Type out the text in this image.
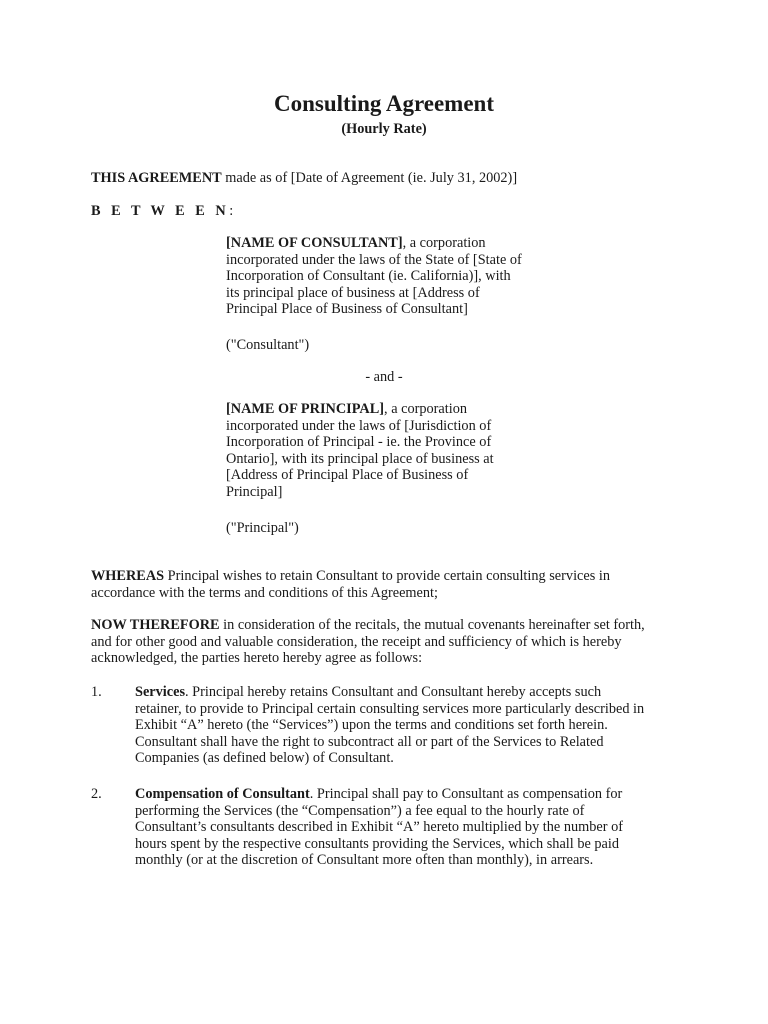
Consulting Agreement
(Hourly Rate)

THIS AGREEMENT made as of [Date of Agreement (ie. July 31, 2002)]

B E T W E E N:

[NAME OF CONSULTANT], a corporation
incorporated under the laws of the State of [State of
Incorporation of Consultant (ie. California)], with
its principal place of business at [Address of
Principal Place of Business of Consultant]
("Consultant")
- and -
[NAME OF PRINCIPAL], a corporation
incorporated under the laws of [Jurisdiction of
Incorporation of Principal - ie. the Province of
Ontario], with its principal place of business at
[Address of Principal Place of Business of
Principal]
("Principal")
WHEREAS Principal wishes to retain Consultant to provide certain consulting services in
accordance with the terms and conditions of this Agreement;
NOW THEREFORE in consideration of the recitals, the mutual covenants hereinafter set forth,
and for other good and valuable consideration, the receipt and sufficiency of which is hereby
acknowledged, the parties hereto hereby agree as follows:
1.	Services. Principal hereby retains Consultant and Consultant hereby accepts such
retainer, to provide to Principal certain consulting services more particularly described in
Exhibit “A” hereto (the “Services”) upon the terms and conditions set forth herein.
Consultant shall have the right to subcontract all or part of the Services to Related
Companies (as defined below) of Consultant.
2.	Compensation of Consultant. Principal shall pay to Consultant as compensation for
performing the Services (the “Compensation”) a fee equal to the hourly rate of
Consultant’s consultants described in Exhibit “A” hereto multiplied by the number of
hours spent by the respective consultants providing the Services, which shall be paid
monthly (or at the discretion of Consultant more often than monthly), in arrears.
